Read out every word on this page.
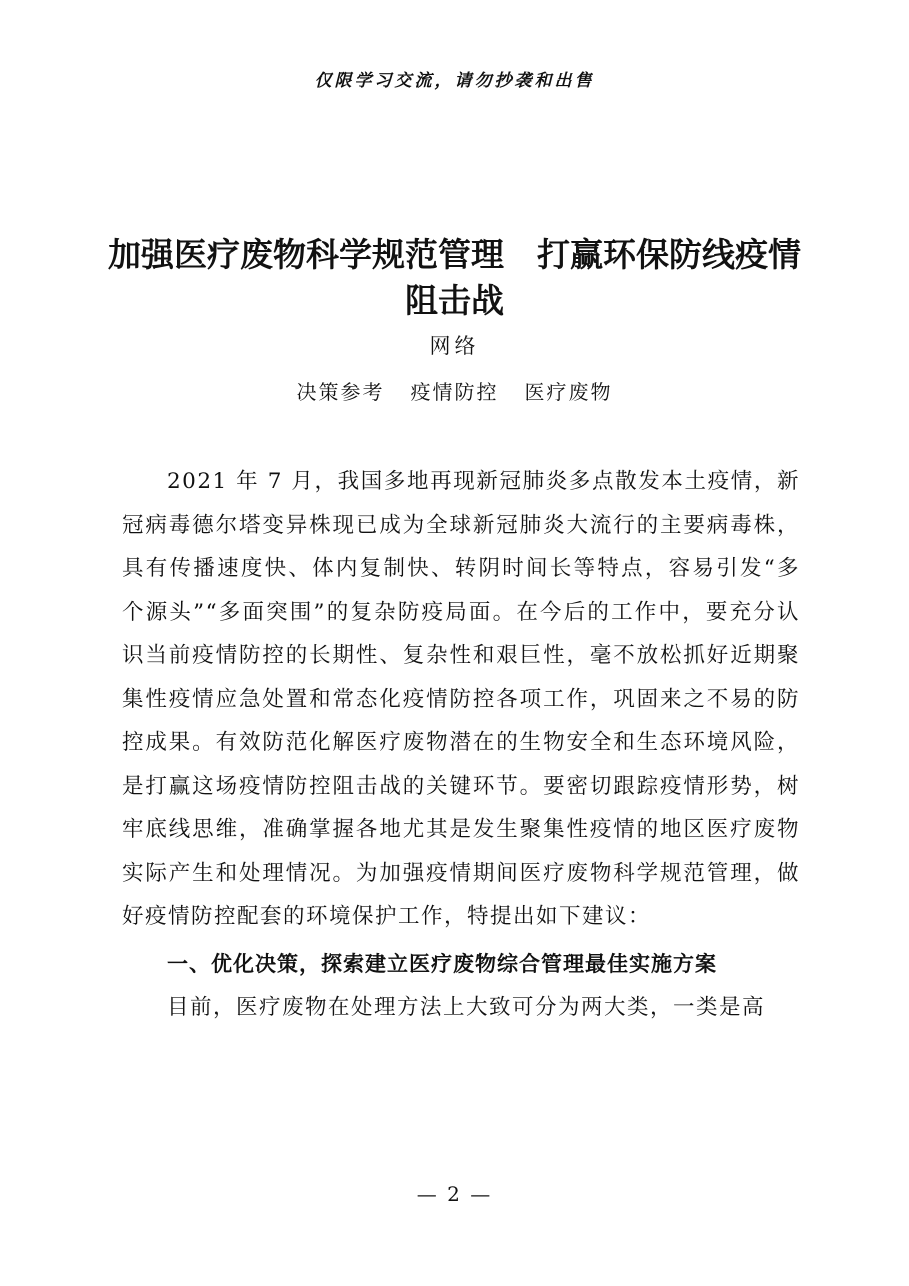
仅限学习交流，请勿抄袭和出售
加强医疗废物科学规范管理　打赢环保防线疫情阻击战
网络
决策参考 疫情防控 医疗废物

2021 年 7 月，我国多地再现新冠肺炎多点散发本土疫情，新冠病毒德尔塔变异株现已成为全球新冠肺炎大流行的主要病毒株，具有传播速度快、体内复制快、转阴时间长等特点，容易引发“多个源头”“多面突围”的复杂防疫局面。在今后的工作中，要充分认识当前疫情防控的长期性、复杂性和艰巨性，毫不放松抓好近期聚集性疫情应急处置和常态化疫情防控各项工作，巩固来之不易的防控成果。有效防范化解医疗废物潜在的生物安全和生态环境风险，是打赢这场疫情防控阻击战的关键环节。要密切跟踪疫情形势，树牢底线思维，准确掌握各地尤其是发生聚集性疫情的地区医疗废物实际产生和处理情况。为加强疫情期间医疗废物科学规范管理，做好疫情防控配套的环境保护工作，特提出如下建议：

一、优化决策，探索建立医疗废物综合管理最佳实施方案

目前，医疗废物在处理方法上大致可分为两大类，一类是高

— 2 —
